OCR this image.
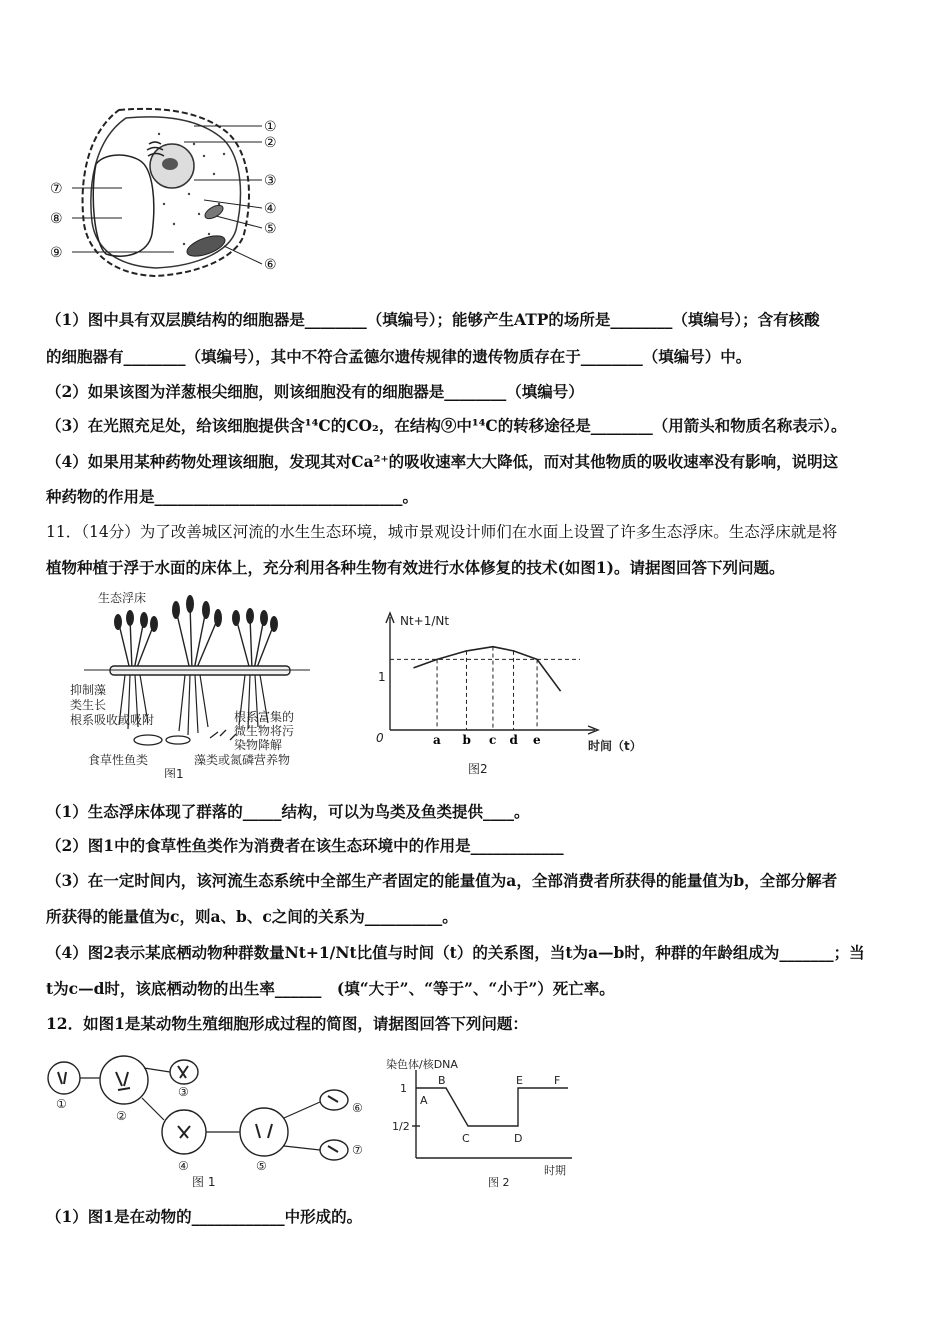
①
②
③
④
⑤
⑥
⑦
⑧
⑨
（1）图中具有双层膜结构的细胞器是________（填编号）；能够产生ATP的场所是________（填编号）；含有核酸
的细胞器有________（填编号），其中不符合孟德尔遗传规律的遗传物质存在于________（填编号）中。
（2）如果该图为洋葱根尖细胞，则该细胞没有的细胞器是________（填编号）
（3）在光照充足处，给该细胞提供含¹⁴C的CO₂，在结构⑨中¹⁴C的转移途径是________（用箭头和物质名称表示）。
（4）如果用某种药物处理该细胞，发现其对Ca²⁺的吸收速率大大降低，而对其他物质的吸收速率没有影响，说明这
种药物的作用是________________________________。
11．（14分）为了改善城区河流的水生生态环境，城市景观设计师们在水面上设置了许多生态浮床。生态浮床就是将
植物种植于浮于水面的床体上，充分利用各种生物有效进行水体修复的技术(如图1)。请据图回答下列问题。
生态浮床
抑制藻
类生长
根系吸收或吸附	根系富集的
微生物将污
染物降解
食草性鱼类	藻类或氮磷营养物
图1
a b c d e
Nt+1/Nt
0
1
时间（t）
图2
（1）生态浮床体现了群落的_____结构，可以为鸟类及鱼类提供____。
（2）图1中的食草性鱼类作为消费者在该生态环境中的作用是____________
（3）在一定时间内，该河流生态系统中全部生产者固定的能量值为a，全部消费者所获得的能量值为b，全部分解者
所获得的能量值为c，则a、b、c之间的关系为__________。
（4）图2表示某底栖动物种群数量Nt+1/Nt比值与时间（t）的关系图，当t为a—b时，种群的年龄组成为_______；当
t为c—d时，该底栖动物的出生率______　(填“大于”、“等于”、“小于”）死亡率。
12．如图1是某动物生殖细胞形成过程的简图，请据图回答下列问题：
①
②
③
④	⑤
⑥
⑦
图 1
染色体/核DNA
时期
1
1/2
A
B
C	D
E	F
图 2
（1）图1是在动物的____________中形成的。
